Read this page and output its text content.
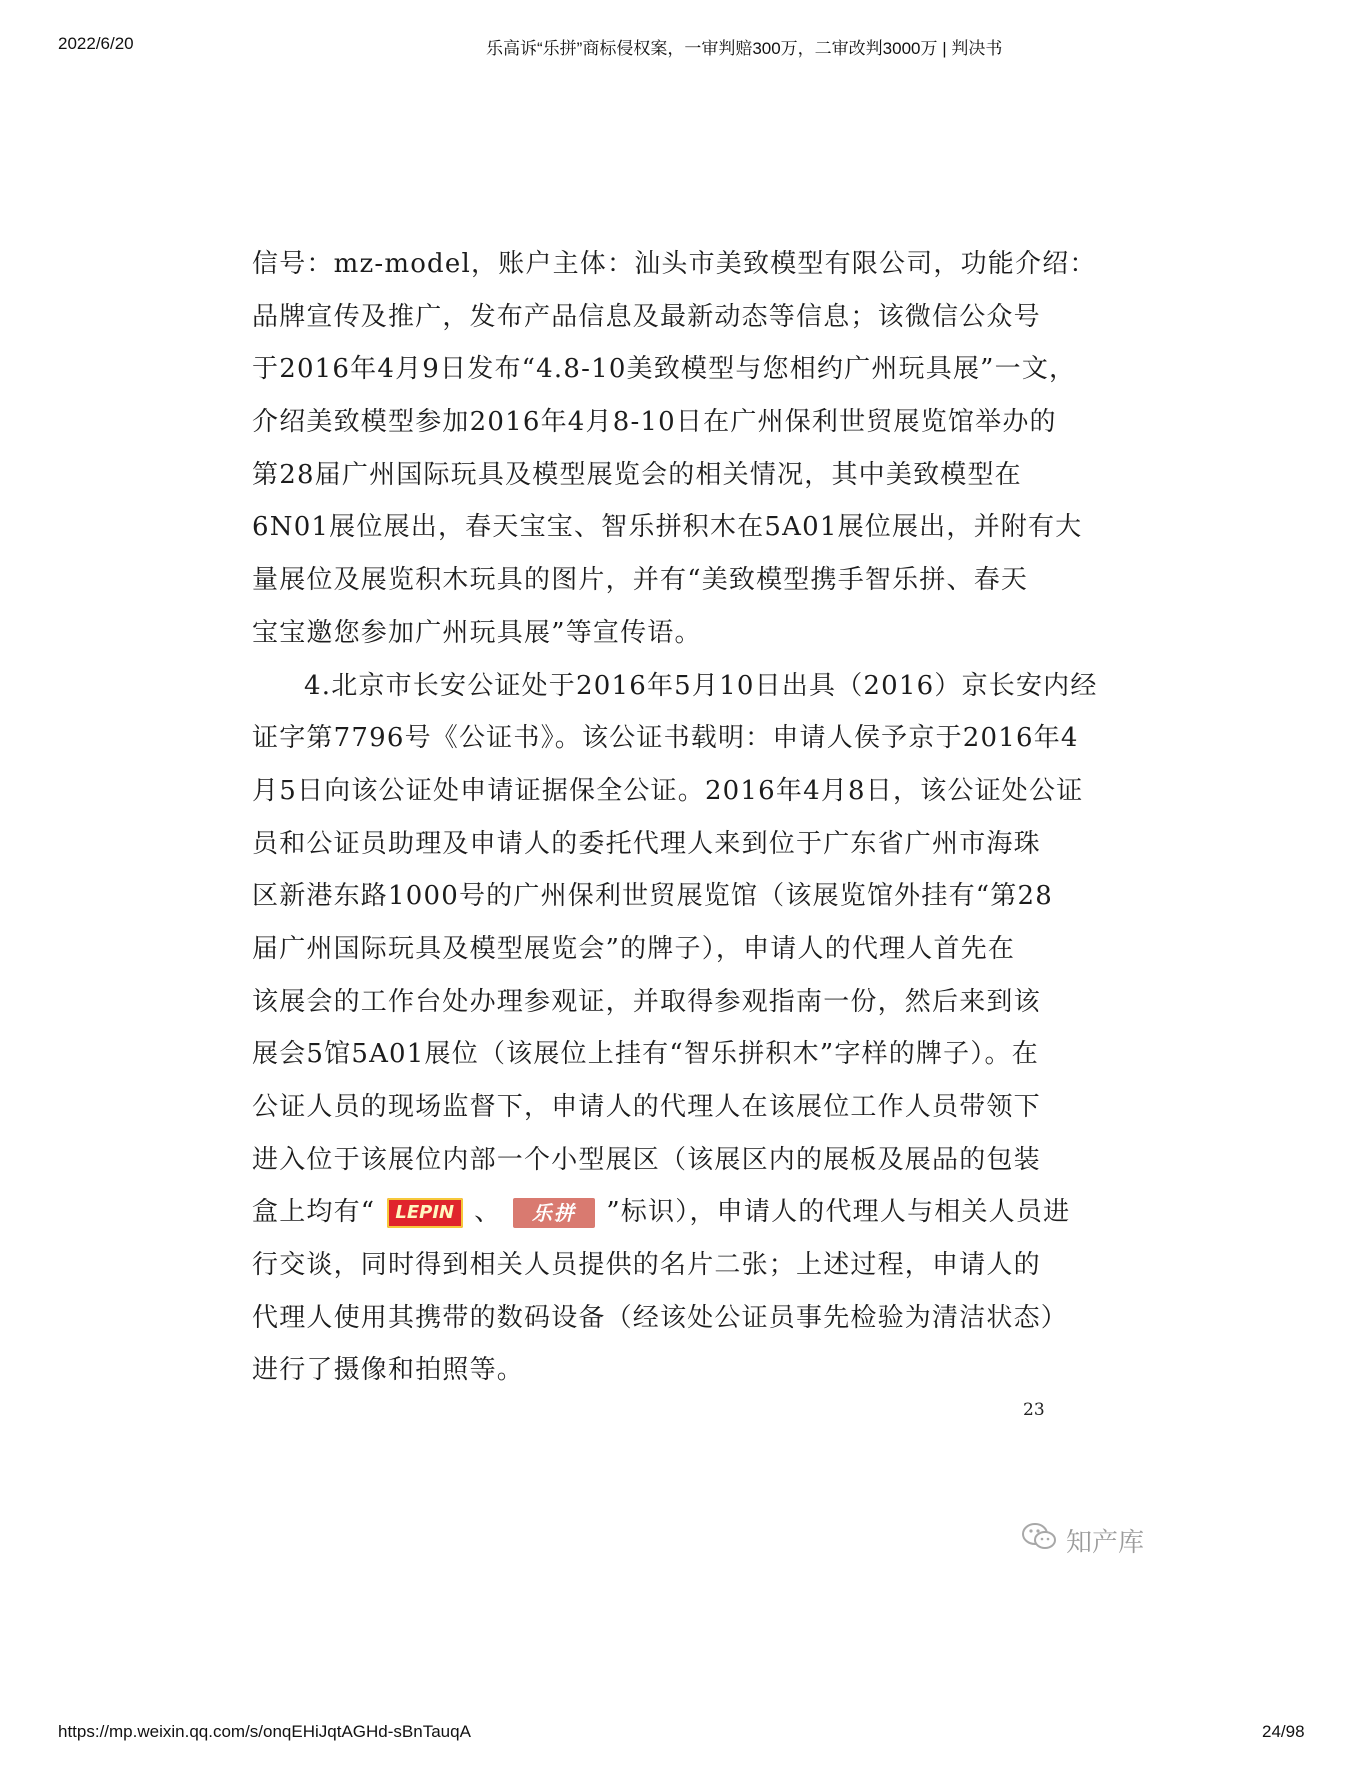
2022/6/20	乐高诉“乐拼”商标侵权案，一审判赔300万，二审改判3000万 | 判决书
信号：mz-model，账户主体：汕头市美致模型有限公司，功能介绍：
品牌宣传及推广，发布产品信息及最新动态等信息；该微信公众号
于2016年4月9日发布“4.8-10美致模型与您相约广州玩具展”一文，
介绍美致模型参加2016年4月8-10日在广州保利世贸展览馆举办的
第28届广州国际玩具及模型展览会的相关情况，其中美致模型在
6N01展位展出，春天宝宝、智乐拼积木在5A01展位展出，并附有大
量展位及展览积木玩具的图片，并有“美致模型携手智乐拼、春天
宝宝邀您参加广州玩具展”等宣传语。
4.北京市长安公证处于2016年5月10日出具（2016）京长安内经
证字第7796号《公证书》。该公证书载明：申请人侯予京于2016年4
月5日向该公证处申请证据保全公证。2016年4月8日，该公证处公证
员和公证员助理及申请人的委托代理人来到位于广东省广州市海珠
区新港东路1000号的广州保利世贸展览馆（该展览馆外挂有“第28
届广州国际玩具及模型展览会”的牌子），申请人的代理人首先在
该展会的工作台处办理参观证，并取得参观指南一份，然后来到该
展会5馆5A01展位（该展位上挂有“智乐拼积木”字样的牌子）。在
公证人员的现场监督下，申请人的代理人在该展位工作人员带领下
进入位于该展位内部一个小型展区（该展区内的展板及展品的包装
盒上均有“ LEPIN 、 乐拼 ”标识），申请人的代理人与相关人员进
行交谈，同时得到相关人员提供的名片二张；上述过程，申请人的
代理人使用其携带的数码设备（经该处公证员事先检验为清洁状态）
进行了摄像和拍照等。
23
知产库
https://mp.weixin.qq.com/s/onqEHiJqtAGHd-sBnTauqA	24/98
